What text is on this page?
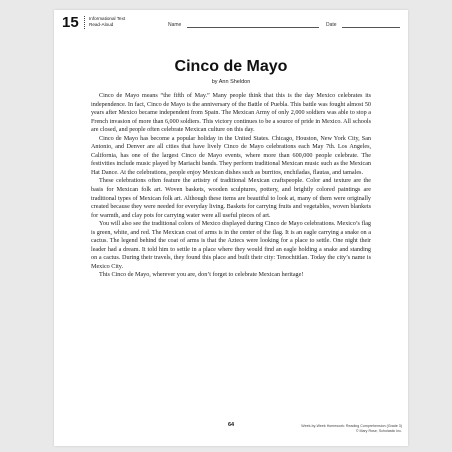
15 Informational Text
Read-Aloud	Name	Date
Cinco de Mayo
by Ann Sheldon

Cinco de Mayo means “the fifth of May.” Many people think that this is the day Mexico celebrates its independence. In fact, Cinco de Mayo is the anniversary of the Battle of Puebla. This battle was fought almost 50 years after Mexico became independent from Spain. The Mexican Army of only 2,000 soldiers was able to stop a French invasion of more than 6,000 soldiers. This victory continues to be a source of pride in Mexico. All schools are closed, and people often celebrate Mexican culture on this day.

Cinco de Mayo has become a popular holiday in the United States. Chicago, Houston, New York City, San Antonio, and Denver are all cities that have lively Cinco de Mayo celebrations each May 7th. Los Angeles, California, has one of the largest Cinco de Mayo events, where more than 600,000 people celebrate. The festivities include music played by Mariachi bands. They perform traditional Mexican music such as the Mexican Hat Dance. At the celebrations, people enjoy Mexican dishes such as burritos, enchiladas, flautas, and tamales.

These celebrations often feature the artistry of traditional Mexican craftspeople. Color and texture are the basis for Mexican folk art. Woven baskets, wooden sculptures, pottery, and brightly colored paintings are traditional types of Mexican folk art. Although these items are beautiful to look at, many of them were originally created because they were needed for everyday living. Baskets for carrying fruits and vegetables, woven blankets for warmth, and clay pots for carrying water were all useful pieces of art.

You will also see the traditional colors of Mexico displayed during Cinco de Mayo celebrations. Mexico’s flag is green, white, and red. The Mexican coat of arms is in the center of the flag. It is an eagle carrying a snake on a cactus. The legend behind the coat of arms is that the Aztecs were looking for a place to settle. One night their leader had a dream. It told him to settle in a place where they would find an eagle holding a snake and standing on a cactus. During their travels, they found this place and built their city: Tenochtitlan. Today the city’s name is Mexico City.

This Cinco de Mayo, wherever you are, don’t forget to celebrate Mexican heritage!

64	Week-by-Week Homework: Reading Comprehension (Grade 3)
© Mary Rose, Scholastic Inc.
